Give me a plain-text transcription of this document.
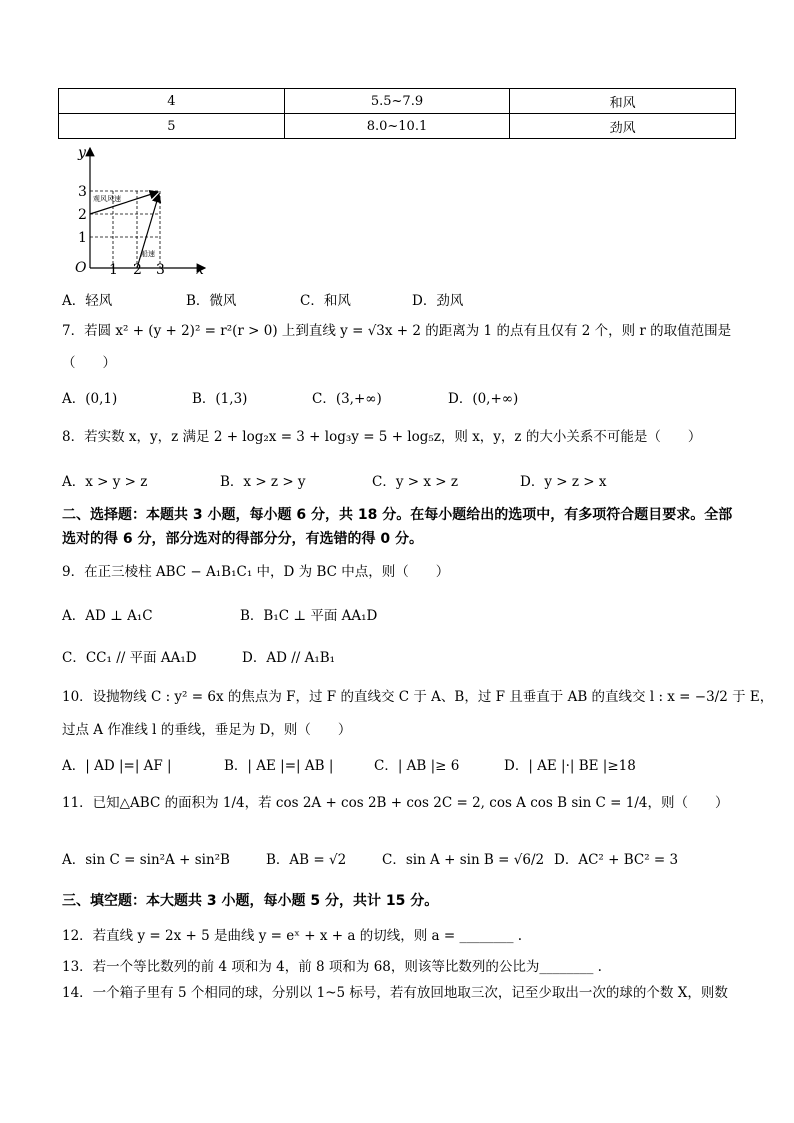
4	5.5~7.9	和风
5	8.0~10.1	劲风
y
x
O
1
2
3
1 2 3
观风风速
船速
A．轻风	B．微风	C．和风	D．劲风
7．若圆 x² + (y + 2)² = r²(r > 0) 上到直线 y = √3x + 2 的距离为 1 的点有且仅有 2 个，则 r 的取值范围是
（　　）
A．(0,1)	B．(1,3)	C．(3,+∞)	D．(0,+∞)
8．若实数 x，y，z 满足 2 + log₂x = 3 + log₃y = 5 + log₅z，则 x，y，z 的大小关系不可能是（　　）
A．x > y > z	B．x > z > y	C．y > x > z	D．y > z > x
二、选择题：本题共 3 小题，每小题 6 分，共 18 分。在每小题给出的选项中，有多项符合题目要求。全部选对的得 6 分，部分选对的得部分分，有选错的得 0 分。
9．在正三棱柱 ABC − A₁B₁C₁ 中，D 为 BC 中点，则（　　）
A．AD ⊥ A₁C	B．B₁C ⊥ 平面 AA₁D
C．CC₁ // 平面 AA₁D	D．AD // A₁B₁
10．设抛物线 C : y² = 6x 的焦点为 F，过 F 的直线交 C 于 A、B，过 F 且垂直于 AB 的直线交 l : x = −3/2 于 E，
过点 A 作准线 l 的垂线，垂足为 D，则（　　）
A．| AD |=| AF |	B．| AE |=| AB |	C．| AB |≥ 6	D．| AE |·| BE |≥18
11．已知△ABC 的面积为 1/4，若 cos 2A + cos 2B + cos 2C = 2, cos A cos B sin C = 1/4，则（　　）
A．sin C = sin²A + sin²B	B．AB = √2	C．sin A + sin B = √6/2 D．AC² + BC² = 3
三、填空题：本大题共 3 小题，每小题 5 分，共计 15 分。
12．若直线 y = 2x + 5 是曲线 y = eˣ + x + a 的切线，则 a = ________ .
13．若一个等比数列的前 4 项和为 4，前 8 项和为 68，则该等比数列的公比为________ .
14．一个箱子里有 5 个相同的球，分别以 1~5 标号，若有放回地取三次，记至少取出一次的球的个数 X，则数
